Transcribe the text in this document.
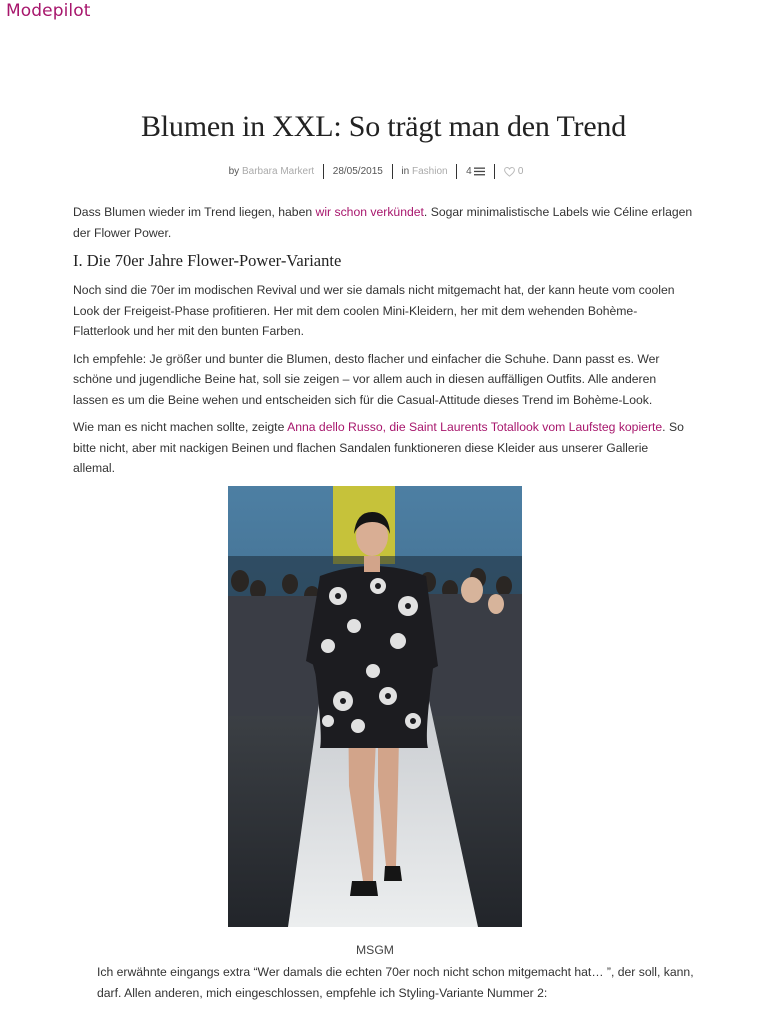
Modepilot
Blumen in XXL: So trägt man den Trend
by Barbara Markert 28/05/2015 in Fashion 4	0

Dass Blumen wieder im Trend liegen, haben wir schon verkündet. Sogar minimalistische Labels wie Céline erlagen der Flower Power.

I. Die 70er Jahre Flower-Power-Variante

Noch sind die 70er im modischen Revival und wer sie damals nicht mitgemacht hat, der kann heute vom coolen Look der Freigeist-Phase profitieren. Her mit dem coolen Mini-Kleidern, her mit dem wehenden Bohème-Flatterlook und her mit den bunten Farben.

Ich empfehle: Je größer und bunter die Blumen, desto flacher und einfacher die Schuhe. Dann passt es. Wer schöne und jugendliche Beine hat, soll sie zeigen – vor allem auch in diesen auffälligen Outfits. Alle anderen lassen es um die Beine wehen und entscheiden sich für die Casual-Attitude dieses Trend im Bohème-Look.

Wie man es nicht machen sollte, zeigte Anna dello Russo, die Saint Laurents Totallook vom Laufsteg kopierte. So bitte nicht, aber mit nackigen Beinen und flachen Sandalen funktioneren diese Kleider aus unserer Gallerie allemal.

MSGM
Ich erwähnte eingangs extra “Wer damals die echten 70er noch nicht schon mitgemacht hat… ”, der soll, kann, darf. Allen anderen, mich eingeschlossen, empfehle ich Styling-Variante Nummer 2:
